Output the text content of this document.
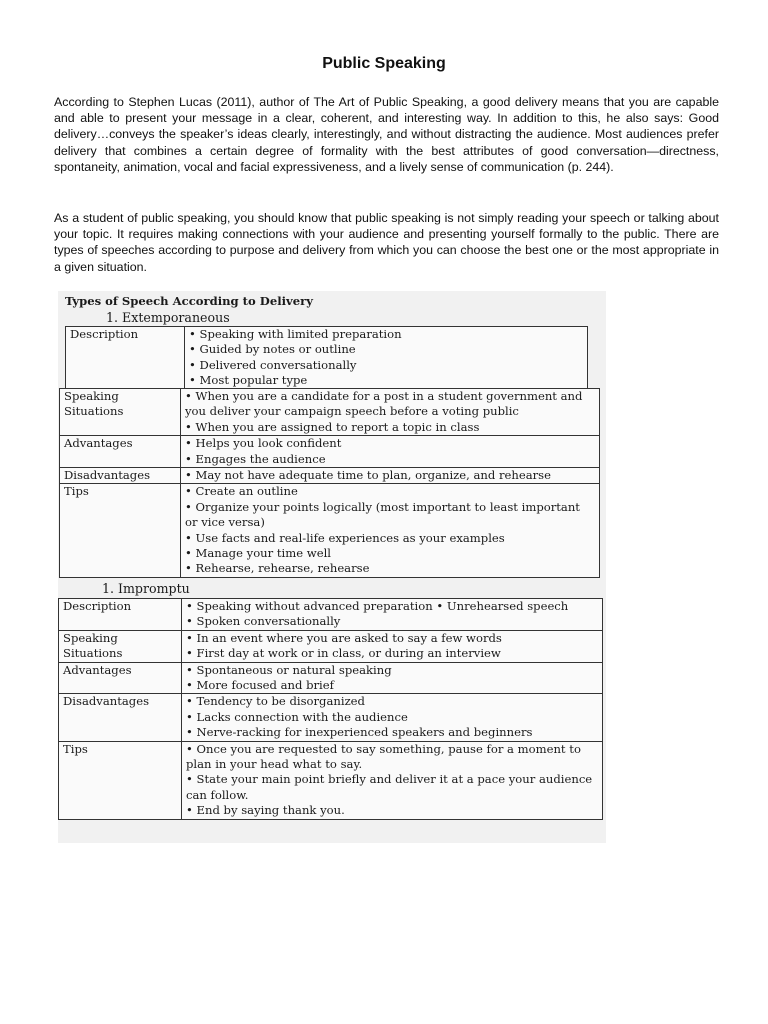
Public Speaking

According to Stephen Lucas (2011), author of The Art of Public Speaking, a good delivery means that you are capable and able to present your message in a clear, coherent, and interesting way. In addition to this, he also says: Good delivery…conveys the speaker’s ideas clearly, interestingly, and without distracting the audience. Most audiences prefer delivery that combines a certain degree of formality with the best attributes of good conversation—directness, spontaneity, animation, vocal and facial expressiveness, and a lively sense of communication (p. 244).

As a student of public speaking, you should know that public speaking is not simply reading your speech or talking about your topic. It requires making connections with your audience and presenting yourself formally to the public. There are types of speeches according to purpose and delivery from which you can choose the best one or the most appropriate in a given situation.

Types of Speech According to Delivery
1. Extemporaneous
Description	• Speaking with limited preparation
• Guided by notes or outline
• Delivered conversationally
• Most popular type
Speaking Situations	• When you are a candidate for a post in a student government and you deliver your campaign speech before a voting public
• When you are assigned to report a topic in class

Advantages	• Helps you look confident
• Engages the audience

Disadvantages	• May not have adequate time to plan, organize, and rehearse

Tips	• Create an outline
• Organize your points logically (most important to least important or vice versa)
• Use facts and real-life experiences as your examples
• Manage your time well
• Rehearse, rehearse, rehearse
1. Impromptu
Description	• Speaking without advanced preparation • Unrehearsed speech
• Spoken conversationally

Speaking Situations	• In an event where you are asked to say a few words
• First day at work or in class, or during an interview

Advantages	• Spontaneous or natural speaking
• More focused and brief

Disadvantages	• Tendency to be disorganized
• Lacks connection with the audience
• Nerve-racking for inexperienced speakers and beginners

Tips	• Once you are requested to say something, pause for a moment to plan in your head what to say.
• State your main point briefly and deliver it at a pace your audience can follow.
• End by saying thank you.
